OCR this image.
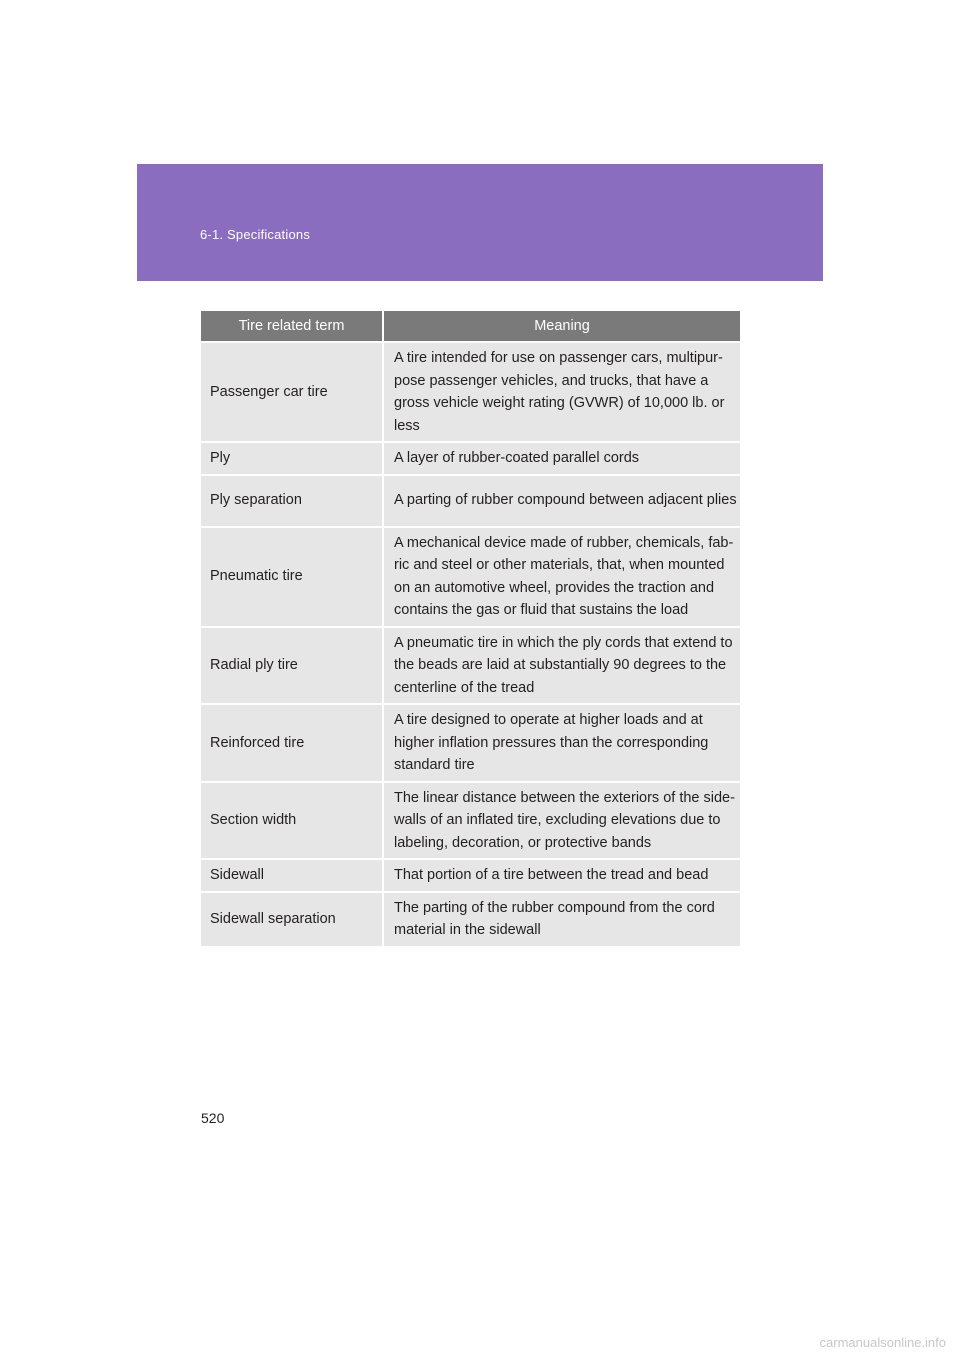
6-1. Specifications
Tire related term	Meaning
Passenger car tire	A tire intended for use on passenger cars, multipur-pose passenger vehicles, and trucks, that have a gross vehicle weight rating (GVWR) of 10,000 lb. or less

Ply	A layer of rubber-coated parallel cords

Ply separation	A parting of rubber compound between adjacent plies

Pneumatic tire	A mechanical device made of rubber, chemicals, fab-ric and steel or other materials, that, when mounted on an automotive wheel, provides the traction and contains the gas or fluid that sustains the load

Radial ply tire	A pneumatic tire in which the ply cords that extend to the beads are laid at substantially 90 degrees to the centerline of the tread

Reinforced tire	A tire designed to operate at higher loads and at higher inflation pressures than the corresponding standard tire

Section width	The linear distance between the exteriors of the side-walls of an inflated tire, excluding elevations due to labeling, decoration, or protective bands

Sidewall	That portion of a tire between the tread and bead

Sidewall separation	The parting of the rubber compound from the cord material in the sidewall
520
carmanualsonline.info
